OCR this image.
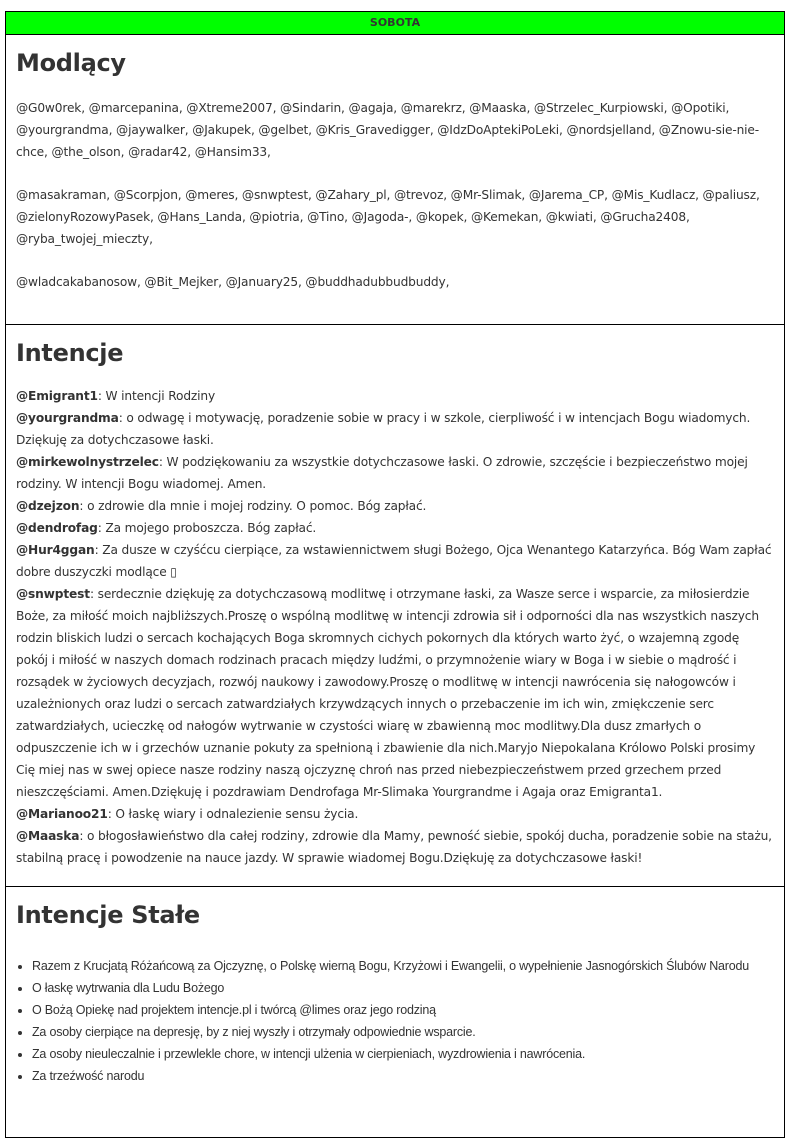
SOBOTA
Modlący

@G0w0rek, @marcepanina, @Xtreme2007, @Sindarin, @agaja, @marekrz, @Maaska, @Strzelec_Kurpiowski, @Opotiki, @yourgrandma, @jaywalker, @Jakupek, @gelbet, @Kris_Gravedigger, @IdzDoAptekiPoLeki, @nordsjelland, @Znowu-sie-nie-chce, @the_olson, @radar42, @Hansim33,

@masakraman, @Scorpjon, @meres, @snwptest, @Zahary_pl, @trevoz, @Mr-Slimak, @Jarema_CP, @Mis_Kudlacz, @paliusz, @zielonyRozowyPasek, @Hans_Landa, @piotria, @Tino, @Jagoda-, @kopek, @Kemekan, @kwiati, @Grucha2408, @ryba_twojej_mieczty,

@wladcakabanosow, @Bit_Mejker, @January25, @buddhadubbudbuddy,

Intencje
@Emigrant1: W intencji Rodziny
@yourgrandma: o odwagę i motywację, poradzenie sobie w pracy i w szkole, cierpliwość i w intencjach Bogu wiadomych. Dziękuję za dotychczasowe łaski.
@mirkewolnystrzelec: W podziękowaniu za wszystkie dotychczasowe łaski. O zdrowie, szczęście i bezpieczeństwo mojej rodziny. W intencji Bogu wiadomej. Amen.
@dzejzon: o zdrowie dla mnie i mojej rodziny. O pomoc. Bóg zapłać.
@dendrofag: Za mojego proboszcza. Bóg zapłać.
@Hur4ggan: Za dusze w czyśćcu cierpiące, za wstawiennictwem sługi Bożego, Ojca Wenantego Katarzyńca. Bóg Wam zapłać dobre duszyczki modlące ▯
@snwptest: serdecznie dziękuję za dotychczasową modlitwę i otrzymane łaski, za Wasze serce i wsparcie, za miłosierdzie Boże, za miłość moich najbliższych.Proszę o wspólną modlitwę w intencji zdrowia sił i odporności dla nas wszystkich naszych rodzin bliskich ludzi o sercach kochających Boga skromnych cichych pokornych dla których warto żyć, o wzajemną zgodę pokój i miłość w naszych domach rodzinach pracach między ludźmi, o przymnożenie wiary w Boga i w siebie o mądrość i rozsądek w życiowych decyzjach, rozwój naukowy i zawodowy.Proszę o modlitwę w intencji nawrócenia się nałogowców i uzależnionych oraz ludzi o sercach zatwardziałych krzywdzących innych o przebaczenie im ich win, zmiękczenie serc zatwardziałych, ucieczkę od nałogów wytrwanie w czystości wiarę w zbawienną moc modlitwy.Dla dusz zmarłych o odpuszczenie ich w i grzechów uznanie pokuty za spełnioną i zbawienie dla nich.Maryjo Niepokalana Królowo Polski prosimy Cię miej nas w swej opiece nasze rodziny naszą ojczyznę chroń nas przed niebezpieczeństwem przed grzechem przed nieszczęściami. Amen.Dziękuję i pozdrawiam Dendrofaga Mr-Slimaka Yourgrandme i Agaja oraz Emigranta1.
@Marianoo21: O łaskę wiary i odnalezienie sensu życia.
@Maaska: o błogosławieństwo dla całej rodziny, zdrowie dla Mamy, pewność siebie, spokój ducha, poradzenie sobie na stażu, stabilną pracę i powodzenie na nauce jazdy. W sprawie wiadomej Bogu.Dziękuję za dotychczasowe łaski!
Intencje Stałe
• Razem z Krucjatą Różańcową za Ojczyznę, o Polskę wierną Bogu, Krzyżowi i Ewangelii, o wypełnienie Jasnogórskich Ślubów Narodu
• O łaskę wytrwania dla Ludu Bożego
• O Bożą Opiekę nad projektem intencje.pl i twórcą @limes oraz jego rodziną
• Za osoby cierpiące na depresję, by z niej wyszły i otrzymały odpowiednie wsparcie.
• Za osoby nieuleczalnie i przewlekle chore, w intencji ulżenia w cierpieniach, wyzdrowienia i nawrócenia.
• Za trzeźwość narodu
